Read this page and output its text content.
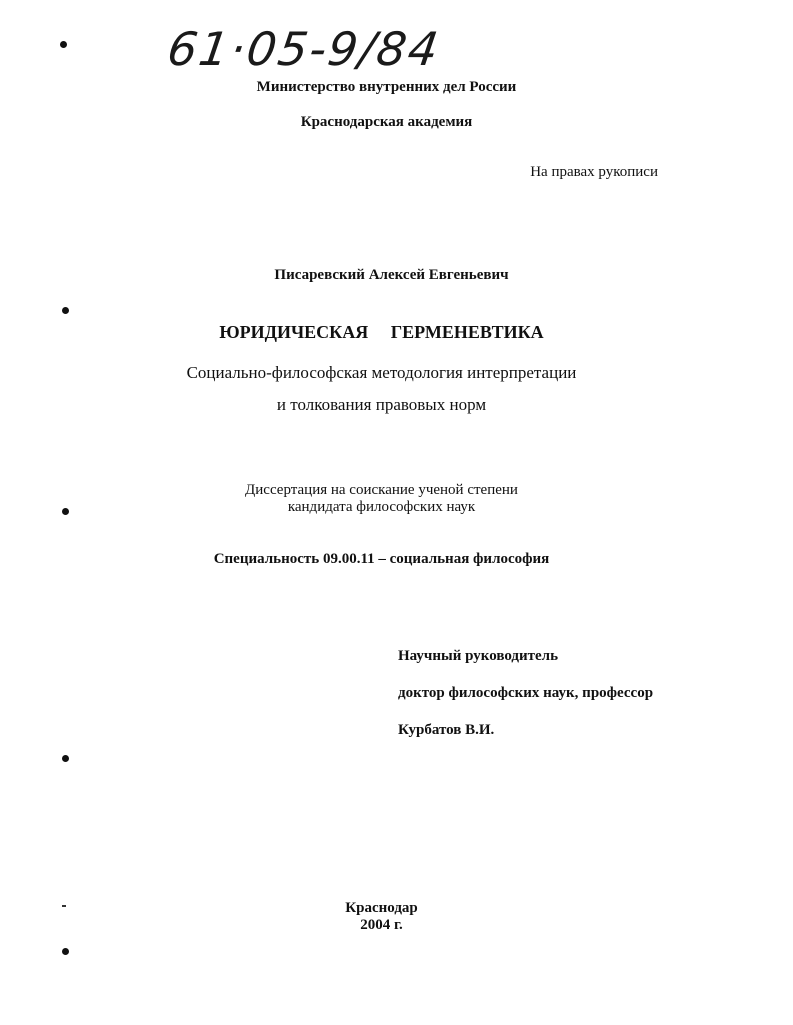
61·05-9/84
Министерство внутренних дел России
Краснодарская академия
На правах рукописи
Писаревский Алексей Евгеньевич
ЮРИДИЧЕСКАЯ ГЕРМЕНЕВТИКА
Социально-философская методология интерпретации
и толкования правовых норм
Диссертация на соискание ученой степени
кандидата философских наук
Специальность 09.00.11 – социальная философия
Научный руководитель
доктор философских наук, профессор
Курбатов В.И.
Краснодар
2004 г.
